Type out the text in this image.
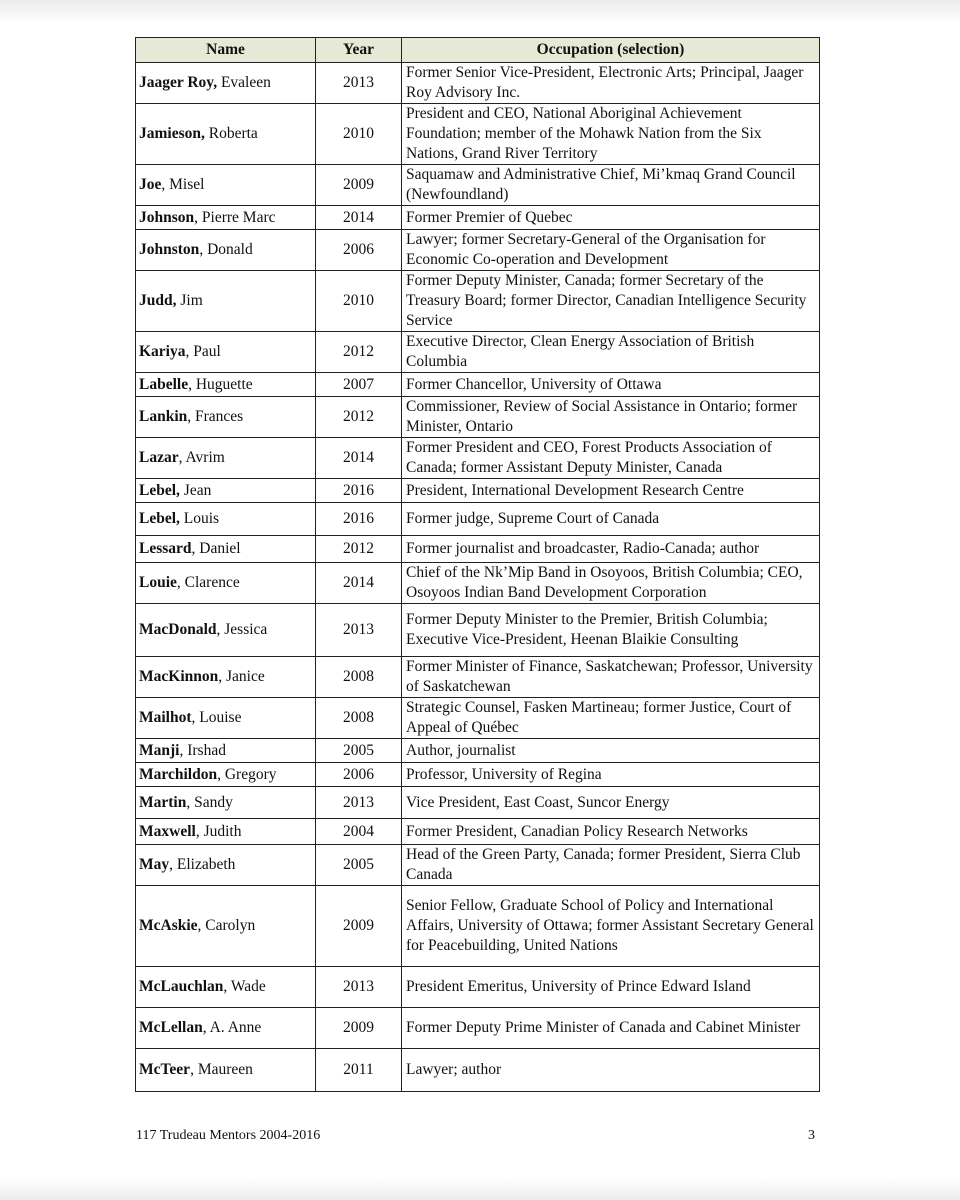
Name	Year	Occupation (selection)
Jaager Roy, Evaleen	2013	Former Senior Vice-President, Electronic Arts; Principal, Jaager Roy Advisory Inc.
Jamieson, Roberta	2010	President and CEO, National Aboriginal Achievement Foundation; member of the Mohawk Nation from the Six Nations, Grand River Territory
Joe, Misel	2009	Saquamaw and Administrative Chief, Mi’kmaq Grand Council (Newfoundland)
Johnson, Pierre Marc	2014	Former Premier of Quebec
Johnston, Donald	2006	Lawyer; former Secretary-General of the Organisation for Economic Co-operation and Development
Judd, Jim	2010	Former Deputy Minister, Canada; former Secretary of the Treasury Board; former Director, Canadian Intelligence Security Service
Kariya, Paul	2012	Executive Director, Clean Energy Association of British Columbia
Labelle, Huguette	2007	Former Chancellor, University of Ottawa
Lankin, Frances	2012	Commissioner, Review of Social Assistance in Ontario; former Minister, Ontario
Lazar, Avrim	2014	Former President and CEO, Forest Products Association of Canada; former Assistant Deputy Minister, Canada
Lebel, Jean	2016	President, International Development Research Centre
Lebel, Louis	2016	Former judge, Supreme Court of Canada
Lessard, Daniel	2012	Former journalist and broadcaster, Radio-Canada; author
Louie, Clarence	2014	Chief of the Nk’Mip Band in Osoyoos, British Columbia; CEO, Osoyoos Indian Band Development Corporation
MacDonald, Jessica	2013	Former Deputy Minister to the Premier, British Columbia; Executive Vice-President, Heenan Blaikie Consulting
MacKinnon, Janice	2008	Former Minister of Finance, Saskatchewan; Professor, University of Saskatchewan
Mailhot, Louise	2008	Strategic Counsel, Fasken Martineau; former Justice, Court of Appeal of Québec
Manji, Irshad	2005	Author, journalist
Marchildon, Gregory	2006	Professor, University of Regina
Martin, Sandy	2013	Vice President, East Coast, Suncor Energy
Maxwell, Judith	2004	Former President, Canadian Policy Research Networks
May, Elizabeth	2005	Head of the Green Party, Canada; former President, Sierra Club Canada
McAskie, Carolyn	2009	Senior Fellow, Graduate School of Policy and International Affairs, University of Ottawa; former Assistant Secretary General for Peacebuilding, United Nations
McLauchlan, Wade	2013	President Emeritus, University of Prince Edward Island
McLellan, A. Anne	2009	Former Deputy Prime Minister of Canada and Cabinet Minister
McTeer, Maureen	2011	Lawyer; author
117 Trudeau Mentors 2004-2016	3
